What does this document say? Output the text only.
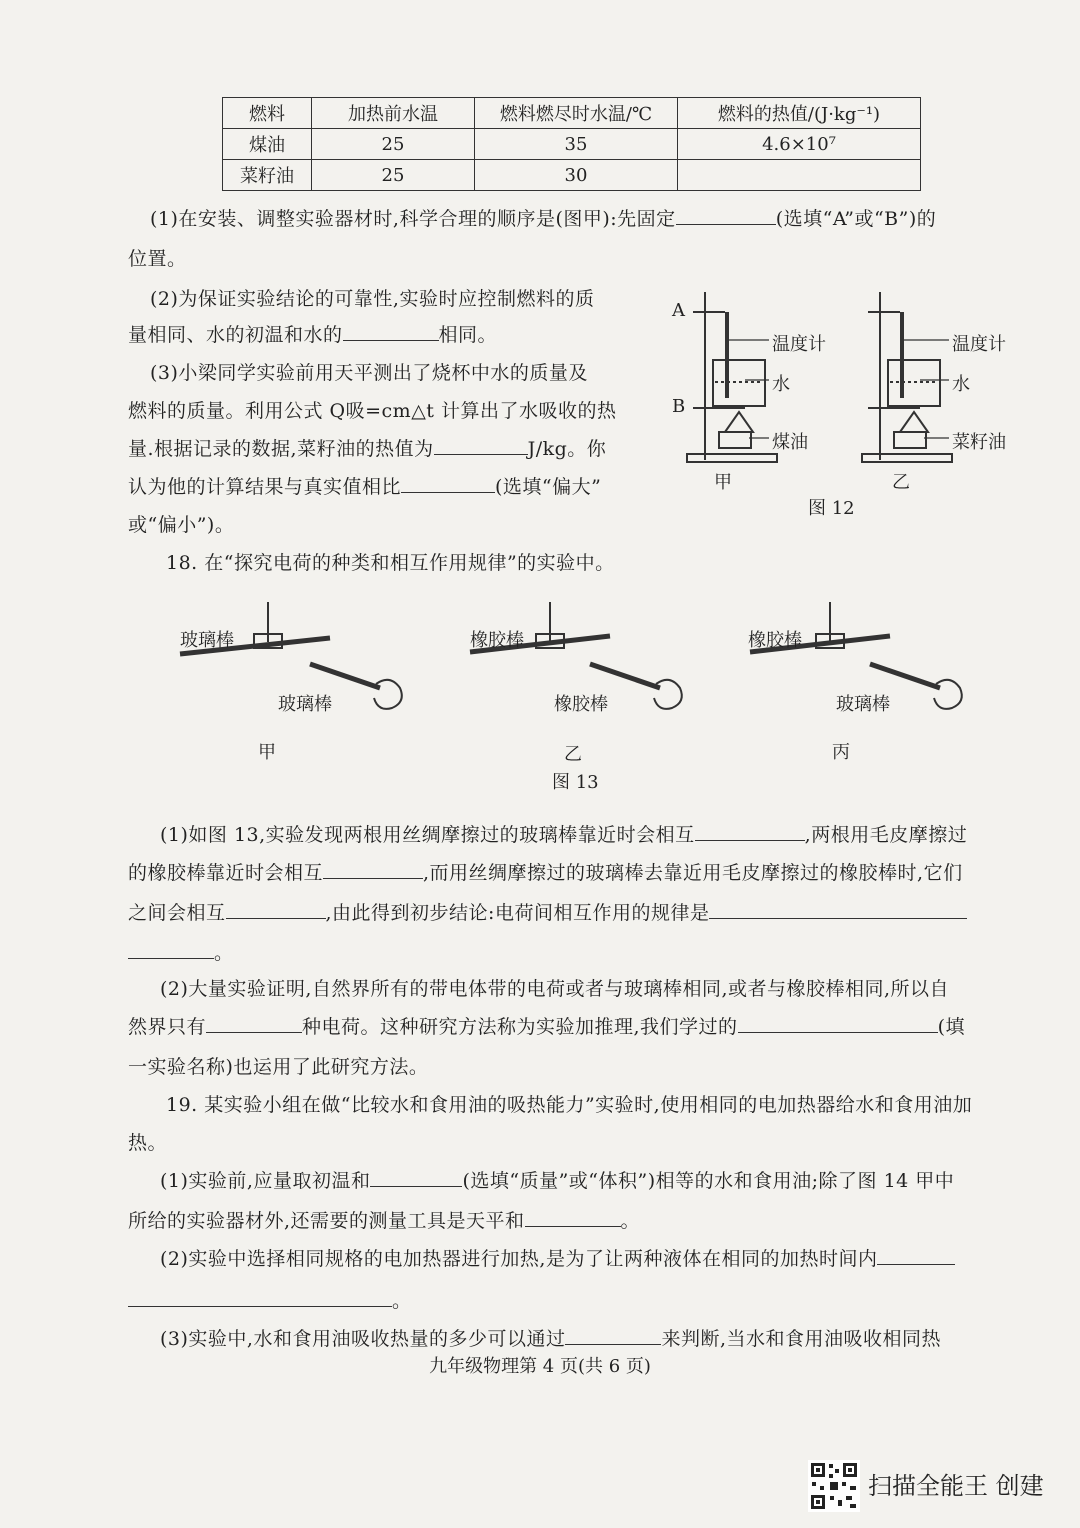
燃料	加热前水温	燃料燃尽时水温/℃	燃料的热值/(J·kg⁻¹)
煤油	25	35	4.6×10⁷
菜籽油	25	30	
(1)在安装、调整实验器材时,科学合理的顺序是(图甲):先固定	(选填“A”或“B”)的
位置。
(2)为保证实验结论的可靠性,实验时应控制燃料的质
量相同、水的初温和水的	相同。
(3)小梁同学实验前用天平测出了烧杯中水的质量及
燃料的质量。利用公式 Q吸=cm△t 计算出了水吸收的热
量.根据记录的数据,菜籽油的热值为	J/kg。你
认为他的计算结果与真实值相比	(选填“偏大”
或“偏小”)。
A
B
温度计
水
煤油
温度计
水
菜籽油
甲	乙
图 12
18. 在“探究电荷的种类和相互作用规律”的实验中。
玻璃棒
玻璃棒
橡胶棒
橡胶棒
橡胶棒
玻璃棒
甲	乙	丙
图 13
(1)如图 13,实验发现两根用丝绸摩擦过的玻璃棒靠近时会相互	,两根用毛皮摩擦过
的橡胶棒靠近时会相互	,而用丝绸摩擦过的玻璃棒去靠近用毛皮摩擦过的橡胶棒时,它们
之间会相互	,由此得到初步结论:电荷间相互作用的规律是
。
(2)大量实验证明,自然界所有的带电体带的电荷或者与玻璃棒相同,或者与橡胶棒相同,所以自
然界只有	种电荷。这种研究方法称为实验加推理,我们学过的	(填
一实验名称)也运用了此研究方法。
19. 某实验小组在做“比较水和食用油的吸热能力”实验时,使用相同的电加热器给水和食用油加
热。
(1)实验前,应量取初温和	(选填“质量”或“体积”)相等的水和食用油;除了图 14 甲中
所给的实验器材外,还需要的测量工具是天平和	。
(2)实验中选择相同规格的电加热器进行加热,是为了让两种液体在相同的加热时间内
。
(3)实验中,水和食用油吸收热量的多少可以通过	来判断,当水和食用油吸收相同热
九年级物理第 4 页(共 6 页)
扫描全能王 创建
